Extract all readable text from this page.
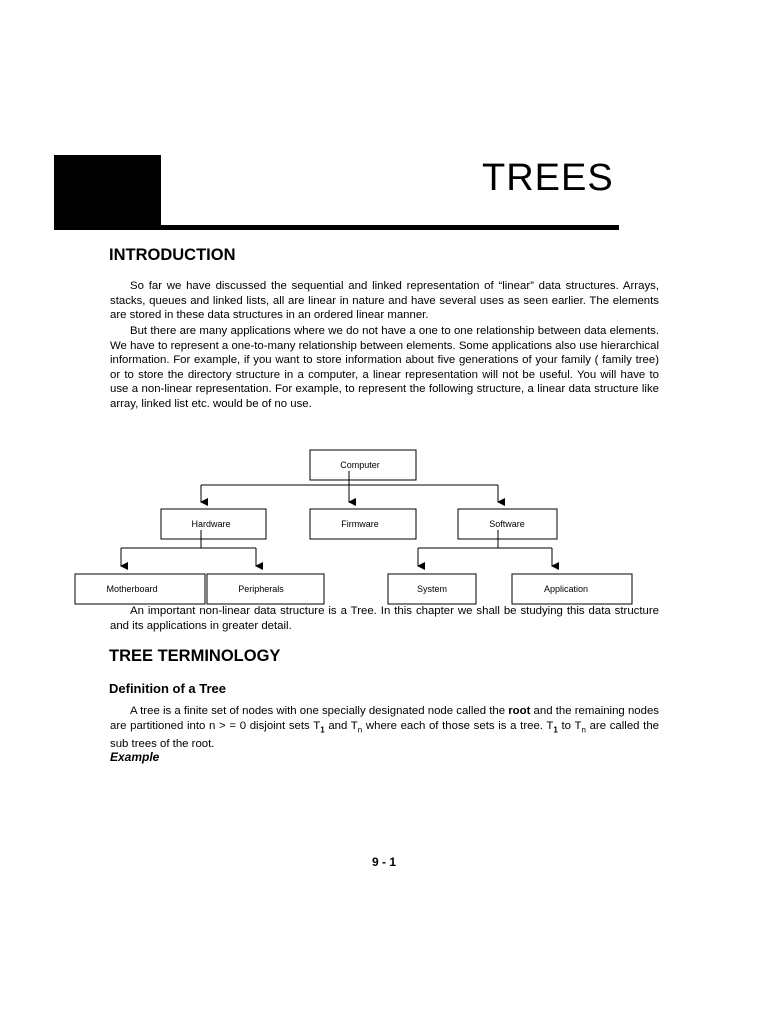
TREES
INTRODUCTION

So far we have discussed the sequential and linked representation of “linear” data structures. Arrays, stacks, queues and linked lists, all are linear in nature and have several uses as seen earlier. The elements are stored in these data structures in an ordered linear manner.

But there are many applications where we do not have a one to one relationship between data elements. We have to represent a one-to-many relationship between elements. Some applications also use hierarchical information. For example, if you want to store information about five generations of your family ( family tree) or to store the directory structure in a computer, a linear representation will not be useful. You will have to use a non-linear representation. For example, to represent the following structure, a linear data structure like array, linked list etc. would be of no use.

Computer
Hardware	Firmware	Software
Motherboard	Peripherals	System	Application

An important non-linear data structure is a Tree. In this chapter we shall be studying this data structure and its applications in greater detail.

TREE TERMINOLOGY
Definition of a Tree

A tree is a finite set of nodes with one specially designated node called the root and the remaining nodes are partitioned into n > = 0 disjoint sets $T_1$ and $T_n$ where each of those sets is a tree. $T_1$ to $T_n$ are called the sub trees of the root.

Example

9 - 1
